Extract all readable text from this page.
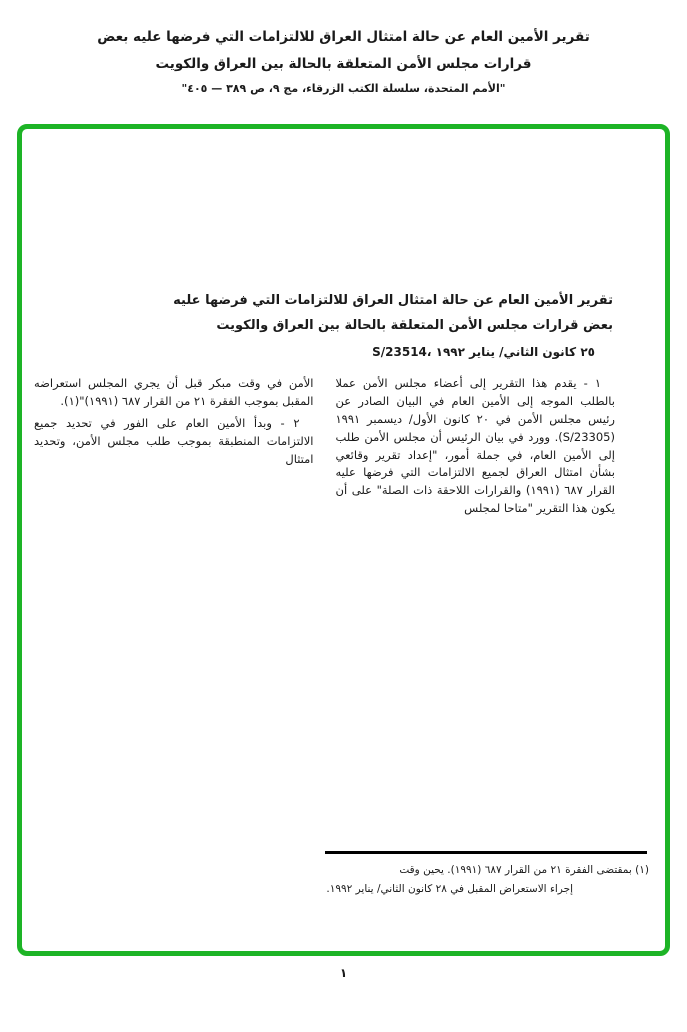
تقرير الأمين العام عن حالة امتثال العراق للالتزامات التي فرضها عليه بعض
قرارات مجلس الأمن المتعلقة بالحالة بين العراق والكويت
"الأمم المتحدة، سلسلة الكتب الزرقاء، مج ٩، ص ٣٨٩ — ٤٠٥"
تقرير الأمين العام عن حالة امتثال العراق للالتزامات التي فرضها عليه
بعض قرارات مجلس الأمن المتعلقة بالحالة بين العراق والكويت
S/23514، ٢٥ كانون الثاني/ يناير ١٩٩٢

١ - يقدم هذا التقرير إلى أعضاء مجلس الأمن عملا بالطلب الموجه إلى الأمين العام في البيان الصادر عن رئيس مجلس الأمن في ٢٠ كانون الأول/ ديسمبر ١٩٩١ (S/23305). وورد في بيان الرئيس أن مجلس الأمن طلب إلى الأمين العام، في جملة أمور، "إعداد تقرير وقائعي بشأن امتثال العراق لجميع الالتزامات التي فرضها عليه القرار ٦٨٧ (١٩٩١) والقرارات اللاحقة ذات الصلة" على أن يكون هذا التقرير "متاحا لمجلس

الأمن في وقت مبكر قبل أن يجري المجلس استعراضه المقبل بموجب الفقرة ٢١ من القرار ٦٨٧ (١٩٩١)"(١).

٢ - وبدأ الأمين العام على الفور في تحديد جميع الالتزامات المنطبقة بموجب طلب مجلس الأمن، وتحديد امتثال

(١) بمقتضى الفقرة ٢١ من القرار ٦٨٧ (١٩٩١). يحين وقت
إجراء الاستعراض المقبل في ٢٨ كانون الثاني/ يناير ١٩٩٢.
١
